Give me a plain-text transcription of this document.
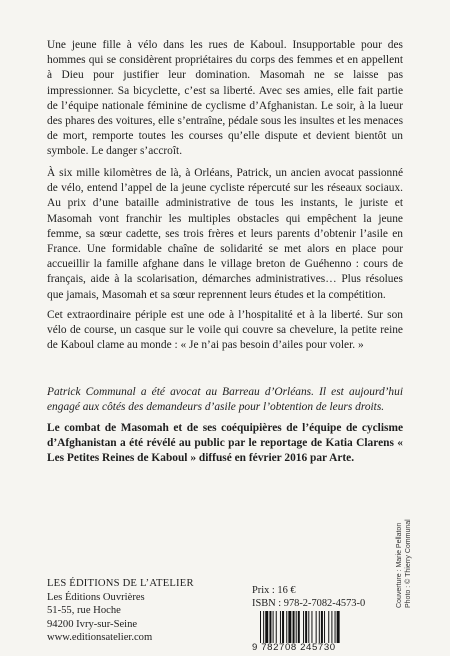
Une jeune fille à vélo dans les rues de Kaboul. Insupportable pour des hommes qui se considèrent propriétaires du corps des femmes et en appellent à Dieu pour justifier leur domination. Masomah ne se laisse pas impressionner. Sa bicyclette, c’est sa liberté. Avec ses amies, elle fait partie de l’équipe nationale féminine de cyclisme d’Afghanistan. Le soir, à la lueur des phares des voitures, elle s’entraîne, pédale sous les insultes et les menaces de mort, remporte toutes les courses qu’elle dispute et devient bientôt un symbole. Le danger s’accroît.

À six mille kilomètres de là, à Orléans, Patrick, un ancien avocat passionné de vélo, entend l’appel de la jeune cycliste répercuté sur les réseaux sociaux. Au prix d’une bataille administrative de tous les instants, le juriste et Masomah vont franchir les multiples obstacles qui empêchent la jeune femme, sa sœur cadette, ses trois frères et leurs parents d’obtenir l’asile en France. Une formidable chaîne de solidarité se met alors en place pour accueillir la famille afghane dans le village breton de Guéhenno : cours de français, aide à la scolarisation, démarches administratives… Plus résolues que jamais, Masomah et sa sœur reprennent leurs études et la compétition.

Cet extraordinaire périple est une ode à l’hospitalité et à la liberté. Sur son vélo de course, un casque sur le voile qui couvre sa chevelure, la petite reine de Kaboul clame au monde : « Je n’ai pas besoin d’ailes pour voler. »

Patrick Communal a été avocat au Barreau d’Orléans. Il est aujourd’hui engagé aux côtés des demandeurs d’asile pour l’obtention de leurs droits.

Le combat de Masomah et de ses coéquipières de l’équipe de cyclisme d’Afghanistan a été révélé au public par le reportage de Katia Clarens « Les Petites Reines de Kaboul » diffusé en février 2016 par Arte.

LES ÉDITIONS DE L’ATELIER
Les Éditions Ouvrières
51-55, rue Hoche
94200 Ivry-sur-Seine
www.editionsatelier.com
Prix : 16 €
ISBN : 978-2-7082-4573-0
9 782708 245730
Couverture : Marie Pellaton Photo : © Thierry Communal
